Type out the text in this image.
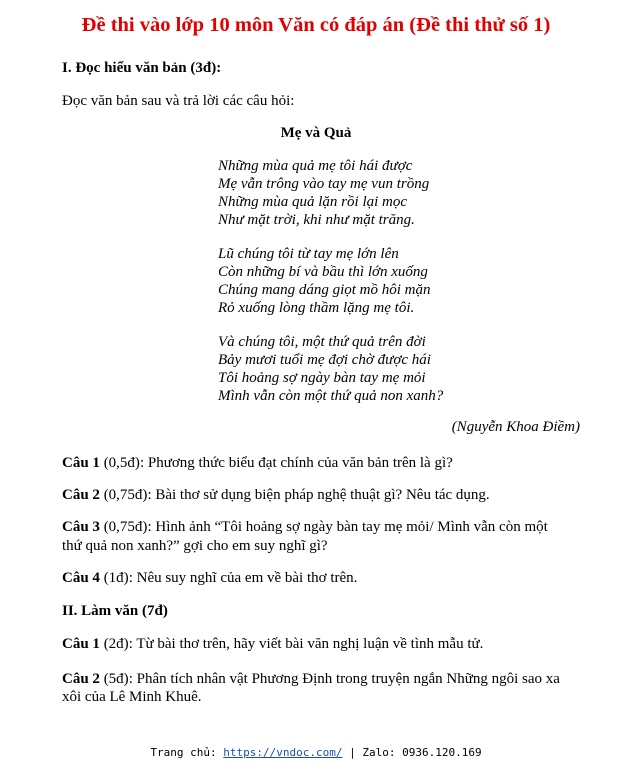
Đề thi vào lớp 10 môn Văn có đáp án (Đề thi thử số 1)
I. Đọc hiểu văn bản (3đ):
Đọc văn bản sau và trả lời các câu hỏi:
Mẹ và Quả
Những mùa quả mẹ tôi hái được
Mẹ vẫn trông vào tay mẹ vun trồng
Những mùa quả lặn rồi lại mọc
Như mặt trời, khi như mặt trăng.
Lũ chúng tôi từ tay mẹ lớn lên
Còn những bí và bầu thì lớn xuống
Chúng mang dáng giọt mồ hôi mặn
Rỏ xuống lòng thầm lặng mẹ tôi.
Và chúng tôi, một thứ quả trên đời
Bảy mươi tuổi mẹ đợi chờ được hái
Tôi hoảng sợ ngày bàn tay mẹ mỏi
Mình vẫn còn một thứ quả non xanh?
(Nguyễn Khoa Điềm)
Câu 1 (0,5đ): Phương thức biểu đạt chính của văn bản trên là gì?
Câu 2 (0,75đ): Bài thơ sử dụng biện pháp nghệ thuật gì? Nêu tác dụng.
Câu 3 (0,75đ): Hình ảnh “Tôi hoảng sợ ngày bàn tay mẹ mỏi/ Mình vẫn còn một
thứ quả non xanh?” gợi cho em suy nghĩ gì?
Câu 4 (1đ): Nêu suy nghĩ của em về bài thơ trên.
II. Làm văn (7đ)
Câu 1 (2đ): Từ bài thơ trên, hãy viết bài văn nghị luận về tình mẫu tử.
Câu 2 (5đ): Phân tích nhân vật Phương Định trong truyện ngắn Những ngôi sao xa
xôi của Lê Minh Khuê.
Trang chủ: https://vndoc.com/ | Zalo: 0936.120.169
